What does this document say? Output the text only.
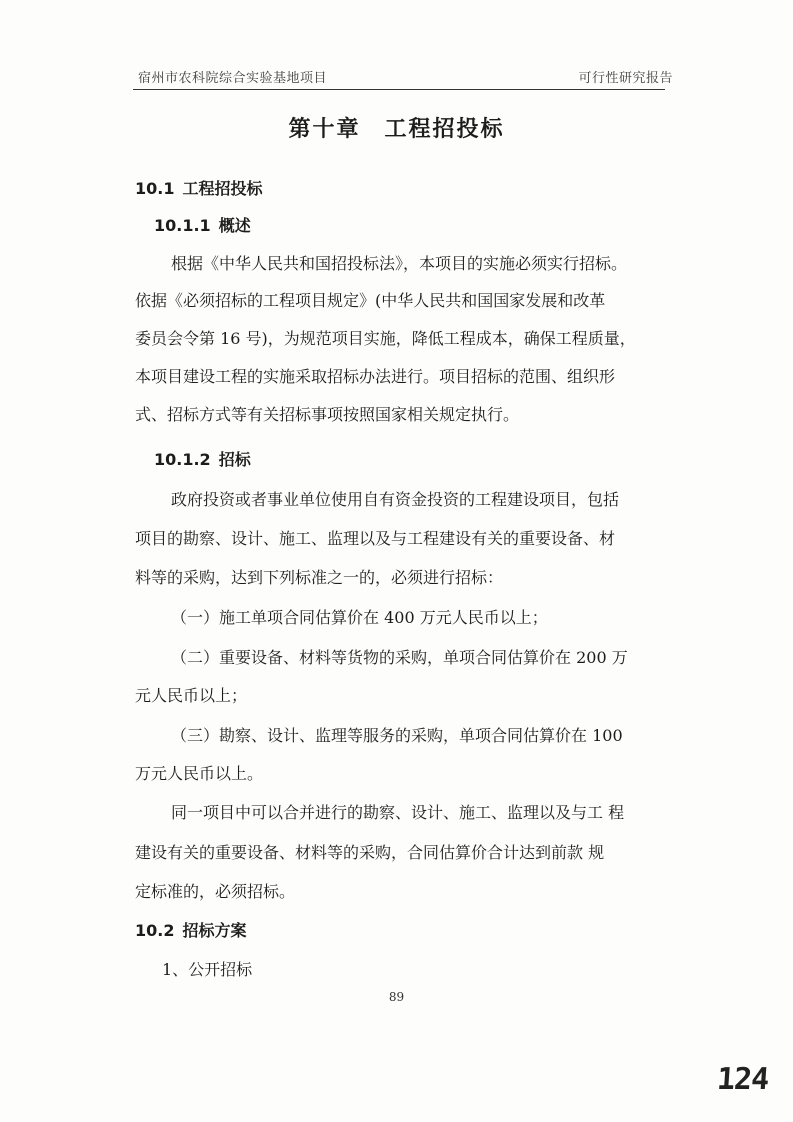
宿州市农科院综合实验基地项目	可行性研究报告
第十章 工程招投标
10.1 工程招投标
10.1.1 概述
根据《中华人民共和国招投标法》，本项目的实施必须实行招标。
依据《必须招标的工程项目规定》(中华人民共和国国家发展和改革
委员会令第 16 号)，为规范项目实施，降低工程成本，确保工程质量，
本项目建设工程的实施采取招标办法进行。项目招标的范围、组织形
式、招标方式等有关招标事项按照国家相关规定执行。
10.1.2 招标
政府投资或者事业单位使用自有资金投资的工程建设项目，包括
项目的勘察、设计、施工、监理以及与工程建设有关的重要设备、材
料等的采购，达到下列标准之一的，必须进行招标：
（一）施工单项合同估算价在 400 万元人民币以上；
（二）重要设备、材料等货物的采购，单项合同估算价在 200 万
元人民币以上；
（三）勘察、设计、监理等服务的采购，单项合同估算价在 100
万元人民币以上。
同一项目中可以合并进行的勘察、设计、施工、监理以及与工 程
建设有关的重要设备、材料等的采购，合同估算价合计达到前款 规
定标准的，必须招标。
10.2 招标方案
1、公开招标
89
124
